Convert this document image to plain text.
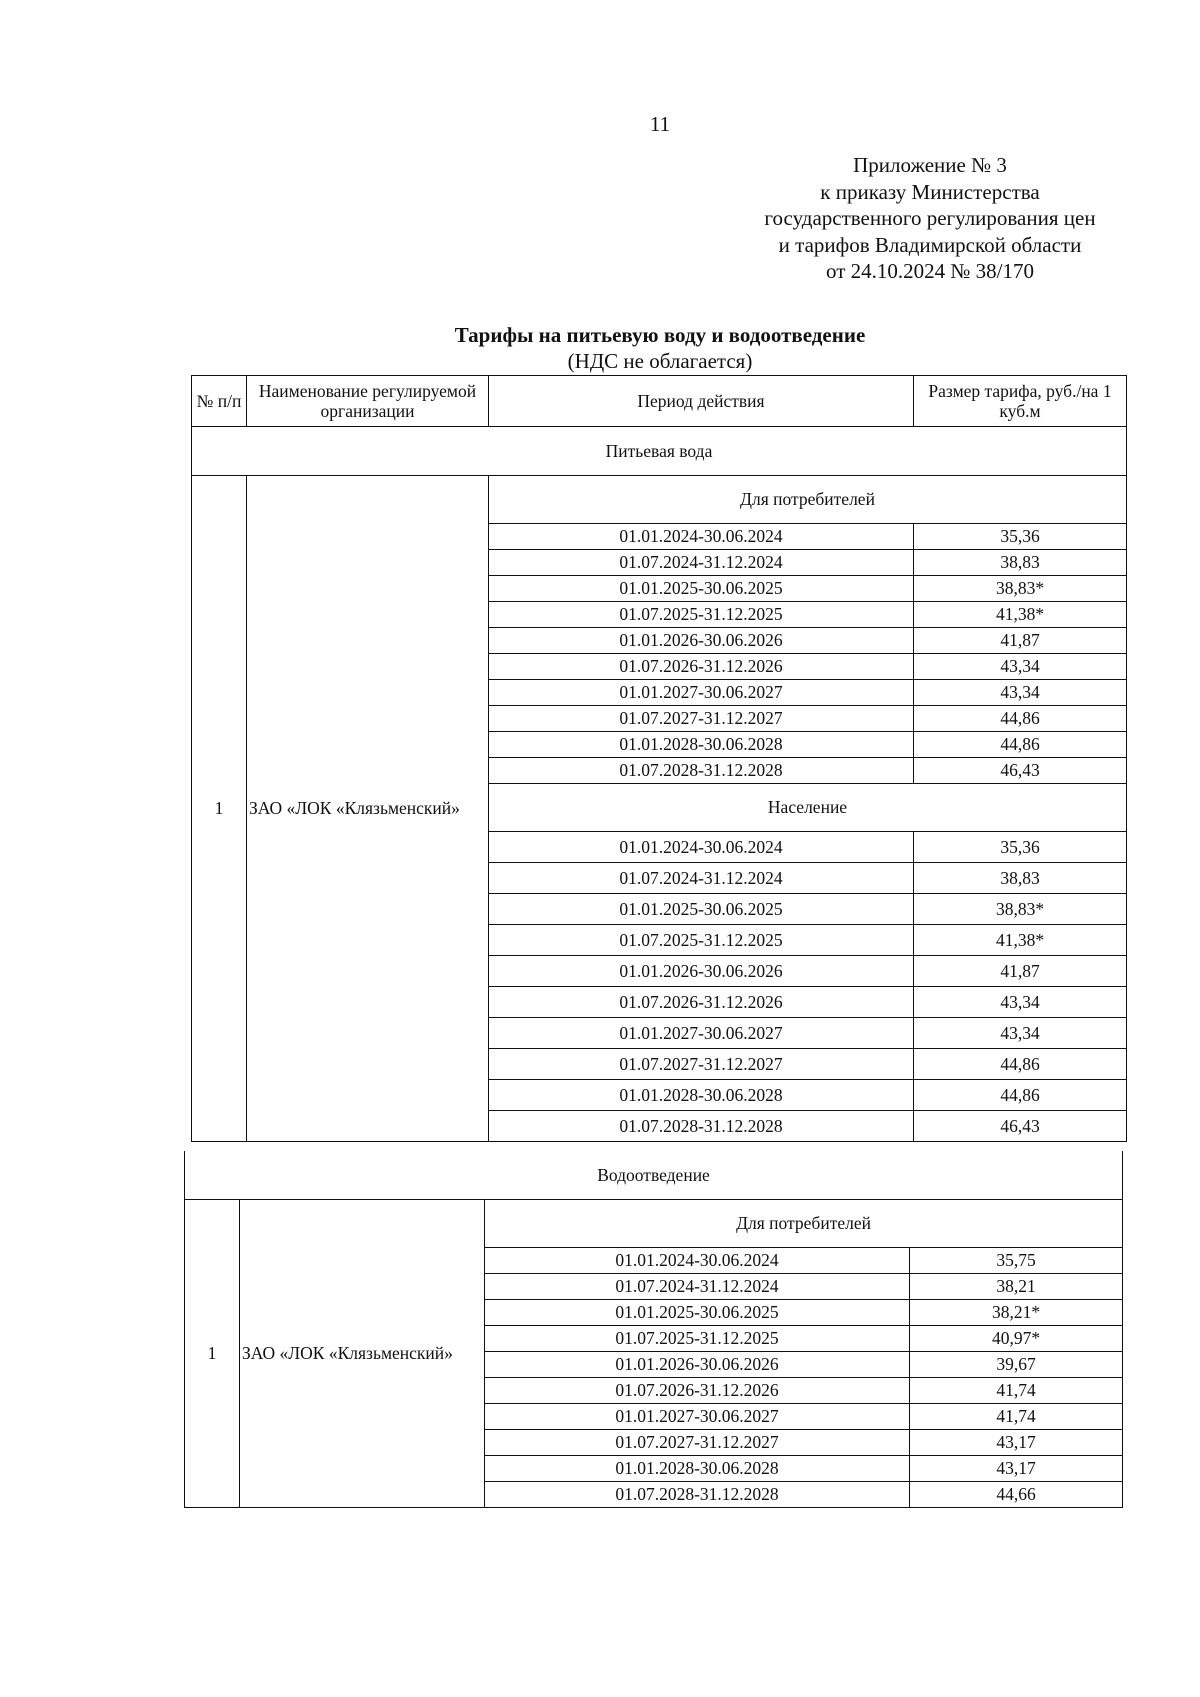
11
Приложение № 3
к приказу Министерства
государственного регулирования цен
и тарифов Владимирской области
от 24.10.2024 № 38/170
Тарифы на питьевую воду и водоотведение
(НДС не облагается)
№ п/п	Наименование регулируемой организации	Период действия	Размер тарифа, руб./на 1 куб.м
Питьевая вода			
1	ЗАО «ЛОК «Клязьменский»	Для потребителей	
		01.01.2024-30.06.2024	35,36
		01.07.2024-31.12.2024	38,83
		01.01.2025-30.06.2025	38,83*
		01.07.2025-31.12.2025	41,38*
		01.01.2026-30.06.2026	41,87
		01.07.2026-31.12.2026	43,34
		01.01.2027-30.06.2027	43,34
		01.07.2027-31.12.2027	44,86
		01.01.2028-30.06.2028	44,86
		01.07.2028-31.12.2028	46,43
		Население	
		01.01.2024-30.06.2024	35,36
		01.07.2024-31.12.2024	38,83
		01.01.2025-30.06.2025	38,83*
		01.07.2025-31.12.2025	41,38*
		01.01.2026-30.06.2026	41,87
		01.07.2026-31.12.2026	43,34
		01.01.2027-30.06.2027	43,34
		01.07.2027-31.12.2027	44,86
		01.01.2028-30.06.2028	44,86
		01.07.2028-31.12.2028	46,43
Водоотведение			
1	ЗАО «ЛОК «Клязьменский»	Для потребителей	
		01.01.2024-30.06.2024	35,75
		01.07.2024-31.12.2024	38,21
		01.01.2025-30.06.2025	38,21*
		01.07.2025-31.12.2025	40,97*
		01.01.2026-30.06.2026	39,67
		01.07.2026-31.12.2026	41,74
		01.01.2027-30.06.2027	41,74
		01.07.2027-31.12.2027	43,17
		01.01.2028-30.06.2028	43,17
		01.07.2028-31.12.2028	44,66
